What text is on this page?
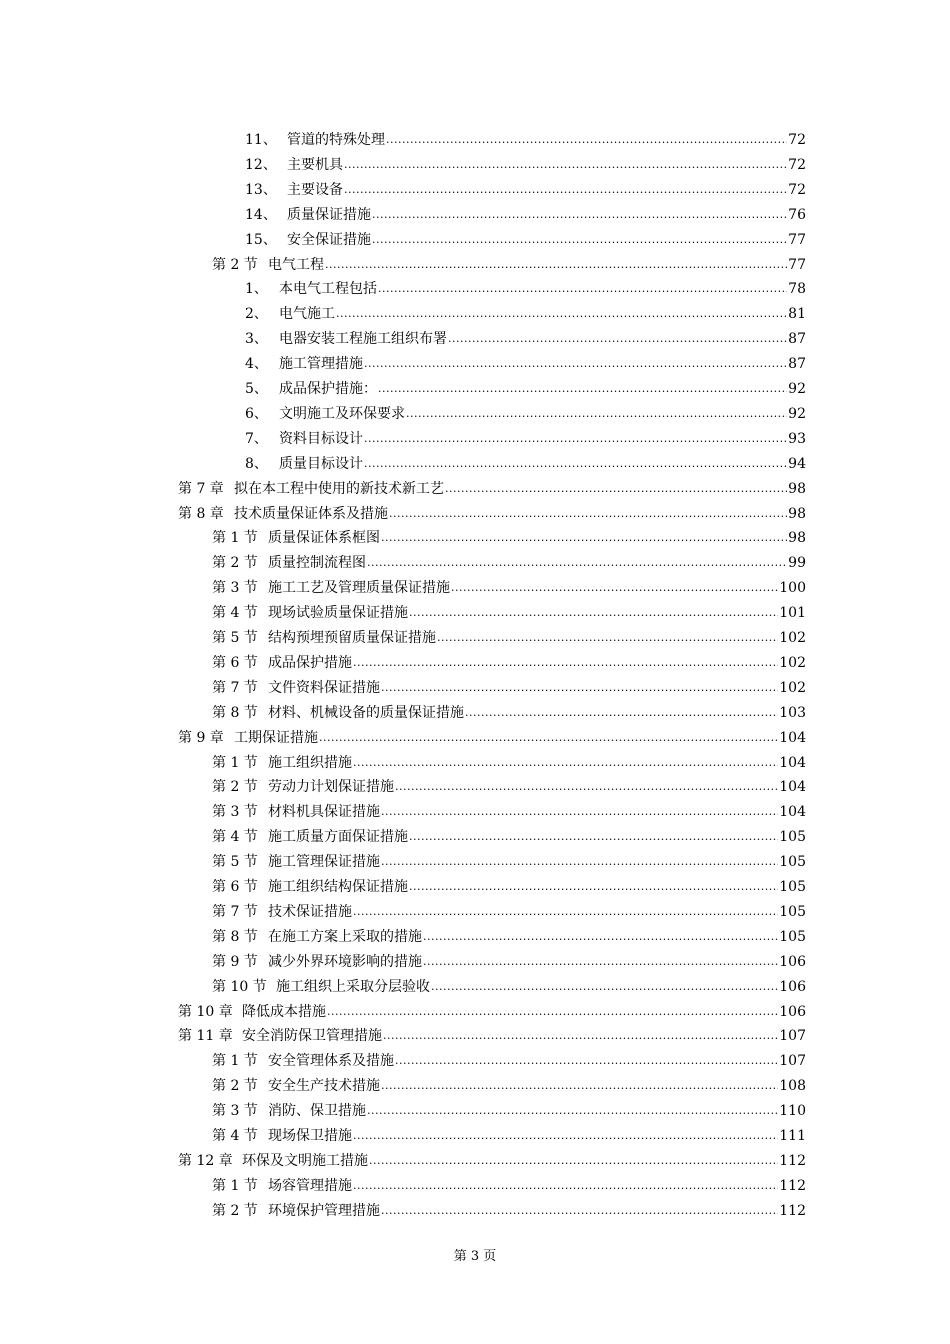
11、 管道的特殊处理 .....	72
12、 主要机具 .....	72
13、 主要设备 .....	72
14、 质量保证措施 .....	76
15、 安全保证措施 .....	77
第 2 节 电气工程 .....	77
1、 本电气工程包括 .....	78
2、 电气施工 .....	81
3、 电器安装工程施工组织布署 .....	87
4、 施工管理措施 .....	87
5、 成品保护措施： .....	92
6、 文明施工及环保要求 .....	92
7、 资料目标设计 .....	93
8、 质量目标设计 .....	94
第 7 章 拟在本工程中使用的新技术新工艺 .....	98
第 8 章 技术质量保证体系及措施 .....	98
第 1 节 质量保证体系框图 .....	98
第 2 节 质量控制流程图 .....	99
第 3 节 施工工艺及管理质量保证措施 .....	100
第 4 节 现场试验质量保证措施 .....	101
第 5 节 结构预埋预留质量保证措施 .....	102
第 6 节 成品保护措施 .....	102
第 7 节 文件资料保证措施 .....	102
第 8 节 材料、机械设备的质量保证措施 .....	103
第 9 章 工期保证措施 .....	104
第 1 节 施工组织措施 .....	104
第 2 节 劳动力计划保证措施 .....	104
第 3 节 材料机具保证措施 .....	104
第 4 节 施工质量方面保证措施 .....	105
第 5 节 施工管理保证措施 .....	105
第 6 节 施工组织结构保证措施 .....	105
第 7 节 技术保证措施 .....	105
第 8 节 在施工方案上采取的措施 .....	105
第 9 节 减少外界环境影响的措施 .....	106
第 10 节 施工组织上采取分层验收 .....	106
第 10 章 降低成本措施 .....	106
第 11 章 安全消防保卫管理措施 .....	107
第 1 节 安全管理体系及措施 .....	107
第 2 节 安全生产技术措施 .....	108
第 3 节 消防、保卫措施 .....	110
第 4 节 现场保卫措施 .....	111
第 12 章 环保及文明施工措施 .....	112
第 1 节 场容管理措施 .....	112
第 2 节 环境保护管理措施 .....	112
第 3 页
